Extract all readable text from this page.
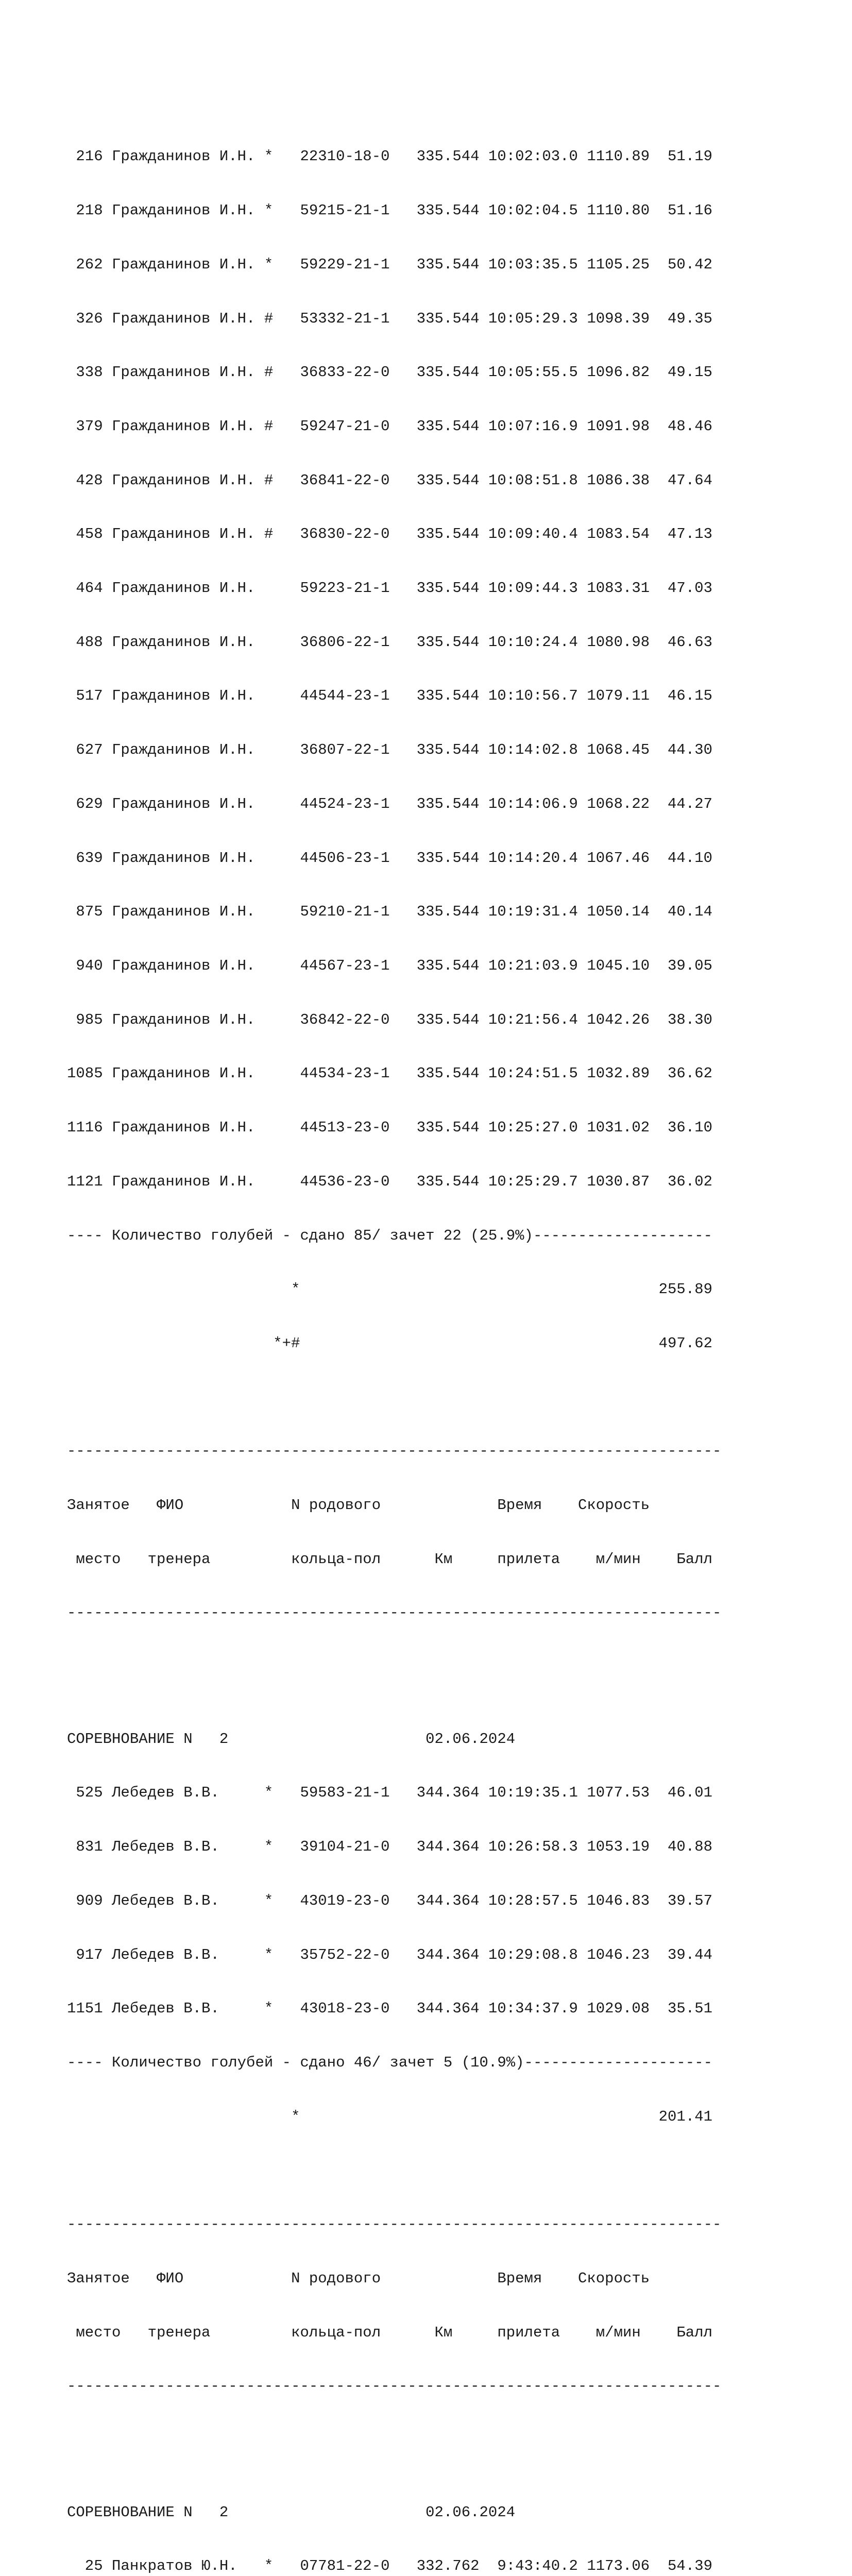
216 Гражданинов И.Н. *   22310-18-0   335.544 10:02:03.0 1110.89  51.19

218 Гражданинов И.Н. *   59215-21-1   335.544 10:02:04.5 1110.80  51.16

262 Гражданинов И.Н. *   59229-21-1   335.544 10:03:35.5 1105.25  50.42

326 Гражданинов И.Н. #   53332-21-1   335.544 10:05:29.3 1098.39  49.35

338 Гражданинов И.Н. #   36833-22-0   335.544 10:05:55.5 1096.82  49.15

379 Гражданинов И.Н. #   59247-21-0   335.544 10:07:16.9 1091.98  48.46

428 Гражданинов И.Н. #   36841-22-0   335.544 10:08:51.8 1086.38  47.64

458 Гражданинов И.Н. #   36830-22-0   335.544 10:09:40.4 1083.54  47.13

464 Гражданинов И.Н.     59223-21-1   335.544 10:09:44.3 1083.31  47.03

488 Гражданинов И.Н.     36806-22-1   335.544 10:10:24.4 1080.98  46.63

517 Гражданинов И.Н.     44544-23-1   335.544 10:10:56.7 1079.11  46.15

627 Гражданинов И.Н.     36807-22-1   335.544 10:14:02.8 1068.45  44.30

629 Гражданинов И.Н.     44524-23-1   335.544 10:14:06.9 1068.22  44.27

639 Гражданинов И.Н.     44506-23-1   335.544 10:14:20.4 1067.46  44.10

875 Гражданинов И.Н.     59210-21-1   335.544 10:19:31.4 1050.14  40.14

940 Гражданинов И.Н.     44567-23-1   335.544 10:21:03.9 1045.10  39.05

985 Гражданинов И.Н.     36842-22-0   335.544 10:21:56.4 1042.26  38.30

1085 Гражданинов И.Н.     44534-23-1   335.544 10:24:51.5 1032.89  36.62

1116 Гражданинов И.Н.     44513-23-0   335.544 10:25:27.0 1031.02  36.10

1121 Гражданинов И.Н.     44536-23-0   335.544 10:25:29.7 1030.87  36.02

---- Количество голубей - сдано 85/ зачет 22 (25.9%)--------------------

*                                        255.89

*+#                                        497.62

-------------------------------------------------------------------------

Занятое   ФИО            N родового             Время    Скорость

место   тренера         кольца-пол      Км     прилета    м/мин    Балл

-------------------------------------------------------------------------

СОРЕВНОВАНИЕ N   2                      02.06.2024

525 Лебедев В.В.     *   59583-21-1   344.364 10:19:35.1 1077.53  46.01

831 Лебедев В.В.     *   39104-21-0   344.364 10:26:58.3 1053.19  40.88

909 Лебедев В.В.     *   43019-23-0   344.364 10:28:57.5 1046.83  39.57

917 Лебедев В.В.     *   35752-22-0   344.364 10:29:08.8 1046.23  39.44

1151 Лебедев В.В.     *   43018-23-0   344.364 10:34:37.9 1029.08  35.51

---- Количество голубей - сдано 46/ зачет 5 (10.9%)---------------------

*                                        201.41

-------------------------------------------------------------------------

Занятое   ФИО            N родового             Время    Скорость

место   тренера         кольца-пол      Км     прилета    м/мин    Балл

-------------------------------------------------------------------------

СОРЕВНОВАНИЕ N   2                      02.06.2024

25 Панкратов Ю.Н.   *   07781-22-0   332.762  9:43:40.2 1173.06  54.39
